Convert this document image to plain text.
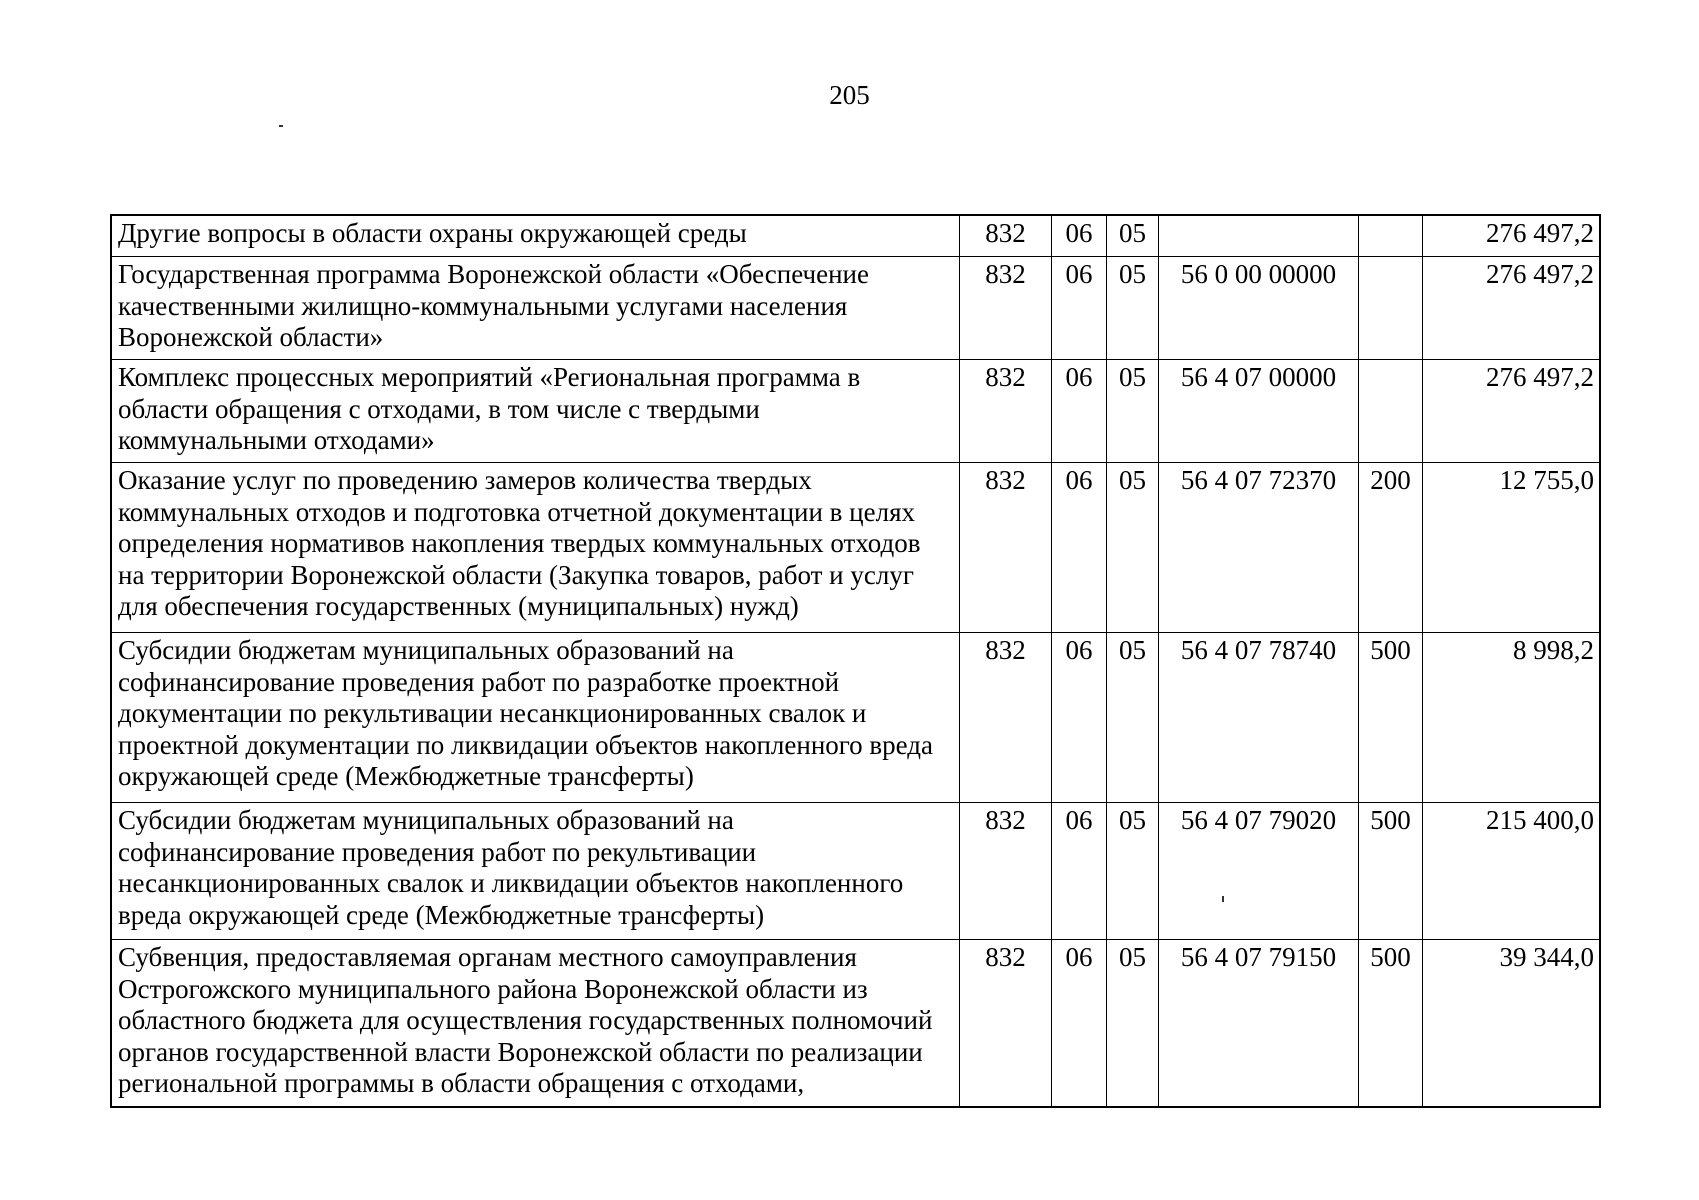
205
Другие вопросы в области охраны окружающей среды	832	06	05			276 497,2
Государственная программа Воронежской области «Обеспечение качественными жилищно-коммунальными услугами населения Воронежской области»	832	06	05	56 0 00 00000		276 497,2
Комплекс процессных мероприятий «Региональная программа в области обращения с отходами, в том числе с твердыми коммунальными отходами»	832	06	05	56 4 07 00000		276 497,2
Оказание услуг по проведению замеров количества твердых коммунальных отходов и подготовка отчетной документации в целях определения нормативов накопления твердых коммунальных отходов на территории Воронежской области (Закупка товаров, работ и услуг для обеспечения государственных (муниципальных) нужд)	832	06	05	56 4 07 72370	200	12 755,0
Субсидии бюджетам муниципальных образований на софинансирование проведения работ по разработке проектной документации по рекультивации несанкционированных свалок и проектной документации по ликвидации объектов накопленного вреда окружающей среде (Межбюджетные трансферты)	832	06	05	56 4 07 78740	500	8 998,2
Субсидии бюджетам муниципальных образований на софинансирование проведения работ по рекультивации несанкционированных свалок и ликвидации объектов накопленного вреда окружающей среде (Межбюджетные трансферты)	832	06	05	56 4 07 79020	500	215 400,0
Субвенция, предоставляемая органам местного самоуправления Острогожского муниципального района Воронежской области из областного бюджета для осуществления государственных полномочий органов государственной власти Воронежской области по реализации региональной программы в области обращения с отходами,	832	06	05	56 4 07 79150	500	39 344,0
